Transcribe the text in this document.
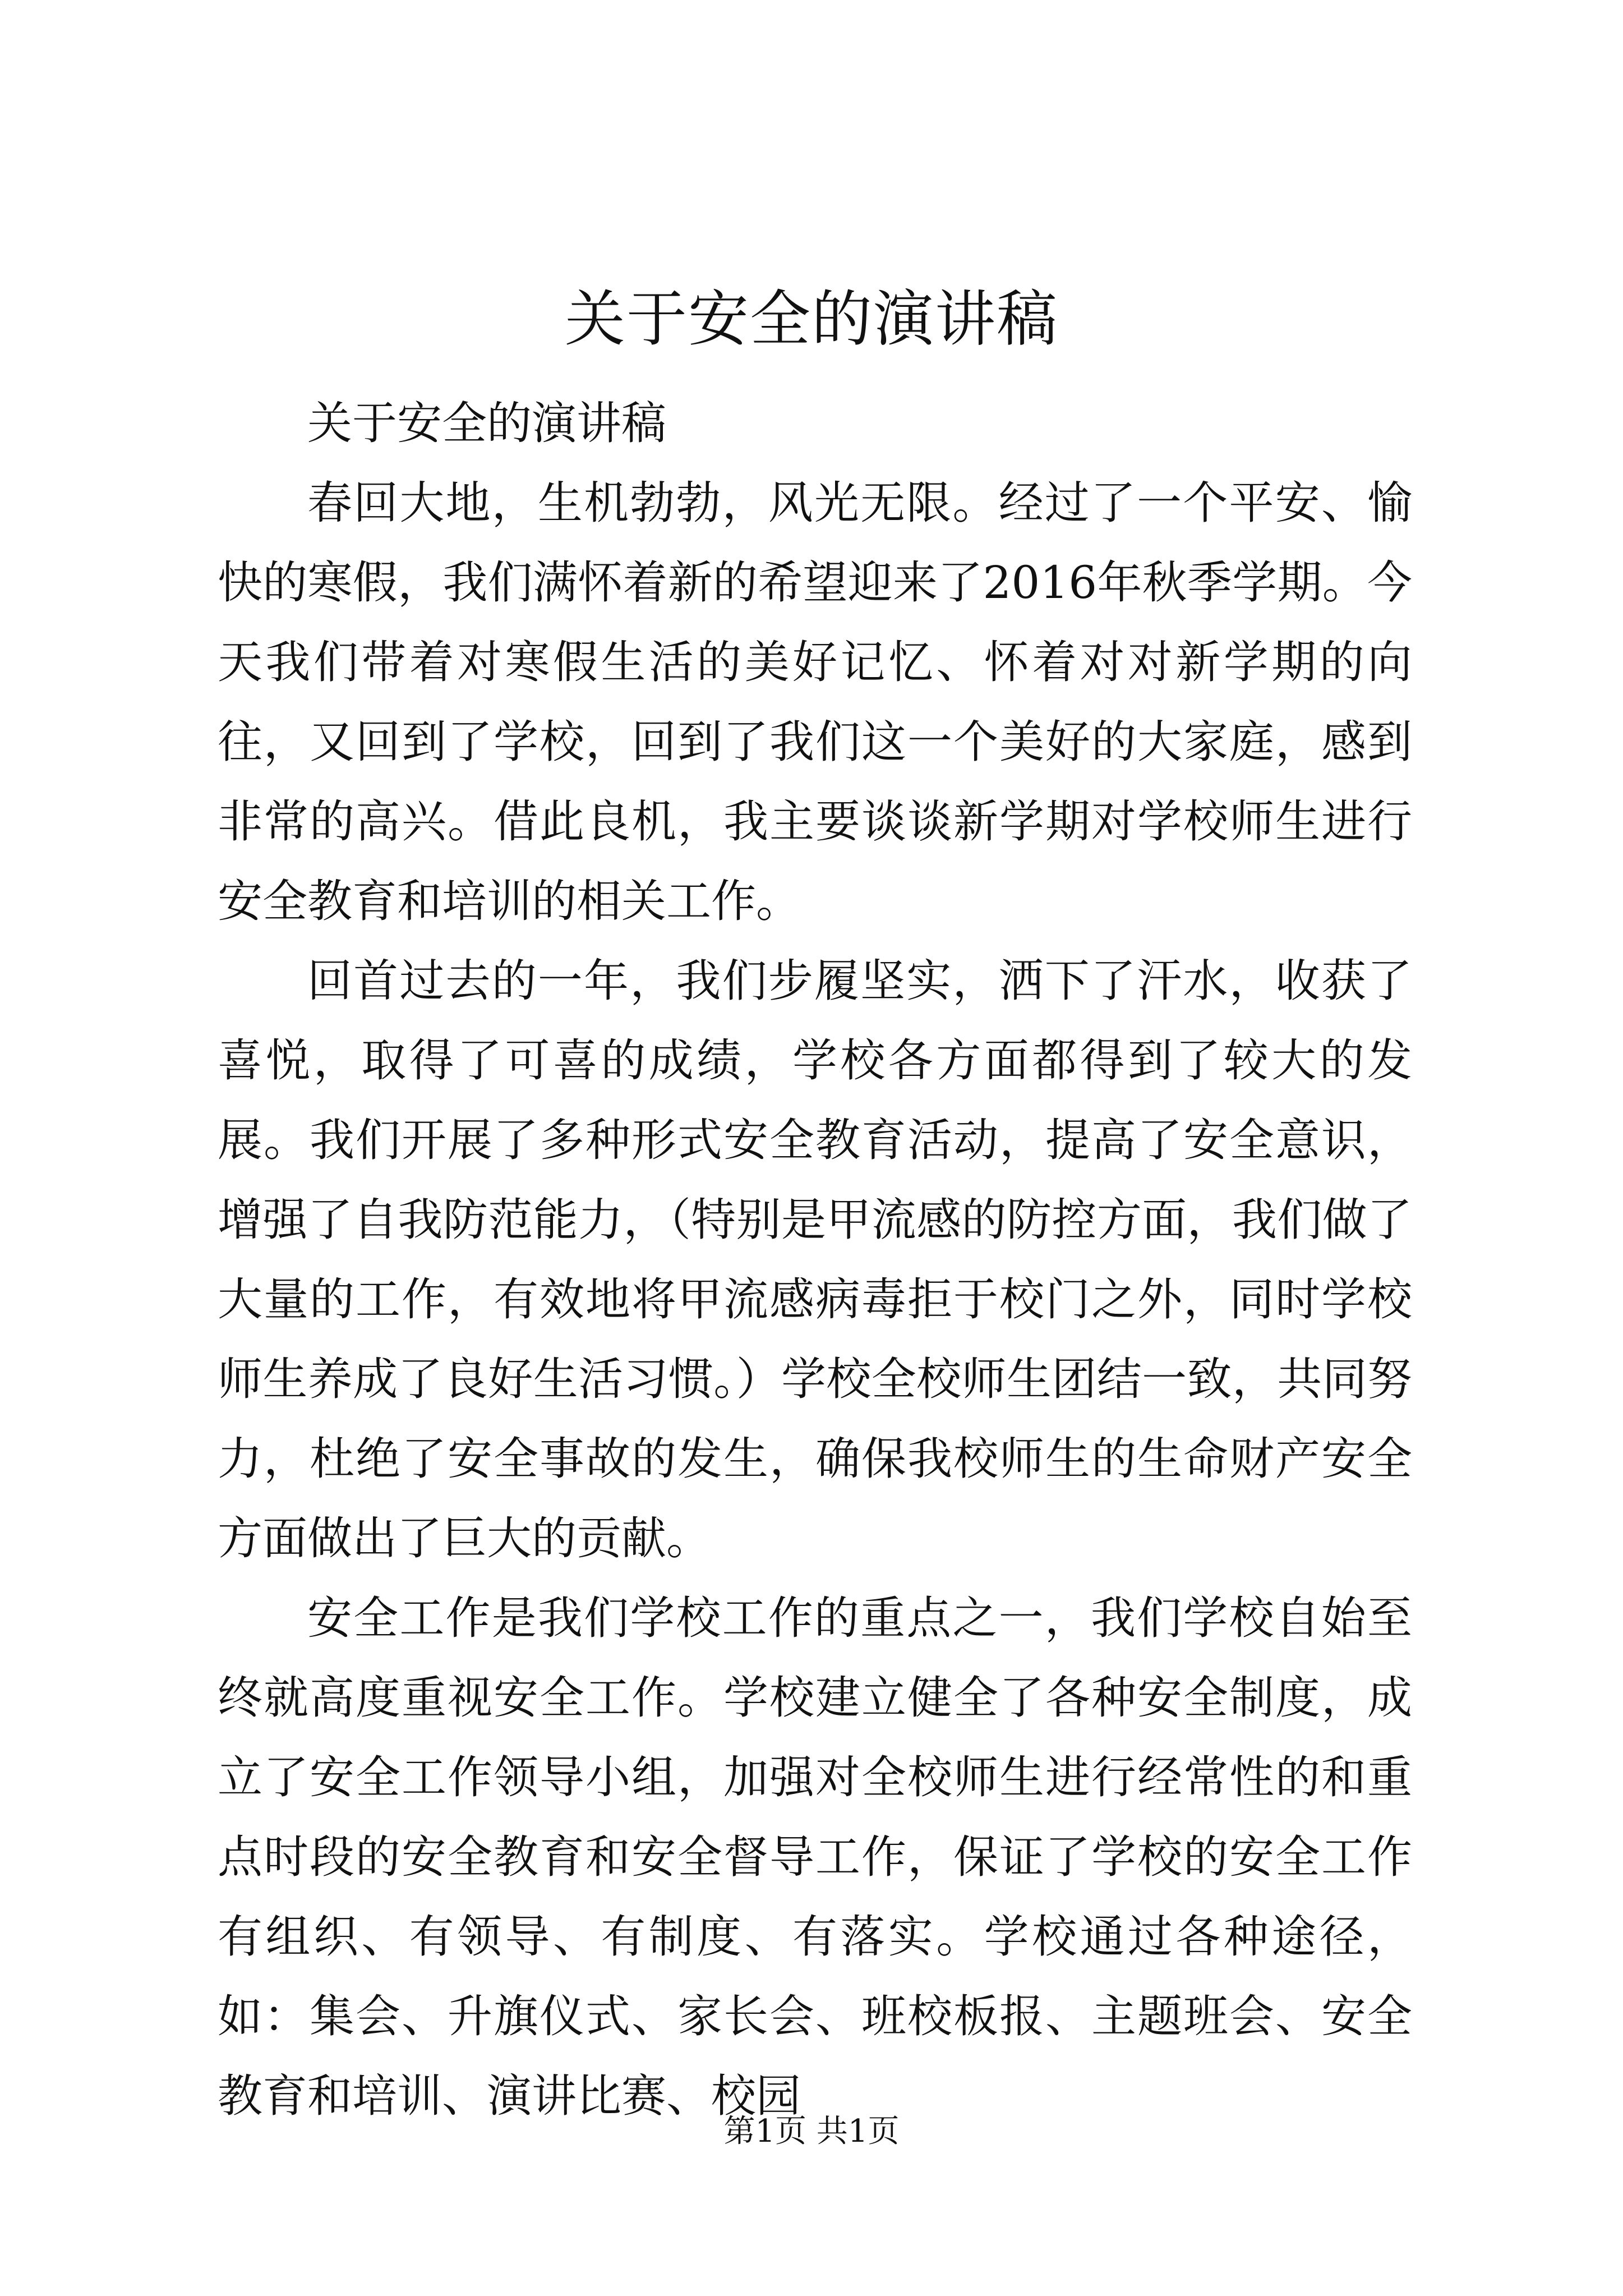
关于安全的演讲稿

关于安全的演讲稿

春回大地，生机勃勃，风光无限。经过了一个平安、愉快的寒假，我们满怀着新的希望迎来了2016年秋季学期。今天我们带着对寒假生活的美好记忆、怀着对对新学期的向往，又回到了学校，回到了我们这一个美好的大家庭，感到非常的高兴。借此良机，我主要谈谈新学期对学校师生进行安全教育和培训的相关工作。

回首过去的一年，我们步履坚实，洒下了汗水，收获了喜悦，取得了可喜的成绩，学校各方面都得到了较大的发展。我们开展了多种形式安全教育活动，提高了安全意识，增强了自我防范能力，（特别是甲流感的防控方面，我们做了大量的工作，有效地将甲流感病毒拒于校门之外，同时学校师生养成了良好生活习惯。）学校全校师生团结一致，共同努力，杜绝了安全事故的发生，确保我校师生的生命财产安全方面做出了巨大的贡献。

安全工作是我们学校工作的重点之一，我们学校自始至终就高度重视安全工作。学校建立健全了各种安全制度，成立了安全工作领导小组，加强对全校师生进行经常性的和重点时段的安全教育和安全督导工作，保证了学校的安全工作有组织、有领导、有制度、有落实。学校通过各种途径，如：集会、升旗仪式、家长会、班校板报、主题班会、安全教育和培训、演讲比赛、校园

第1页 共1页
